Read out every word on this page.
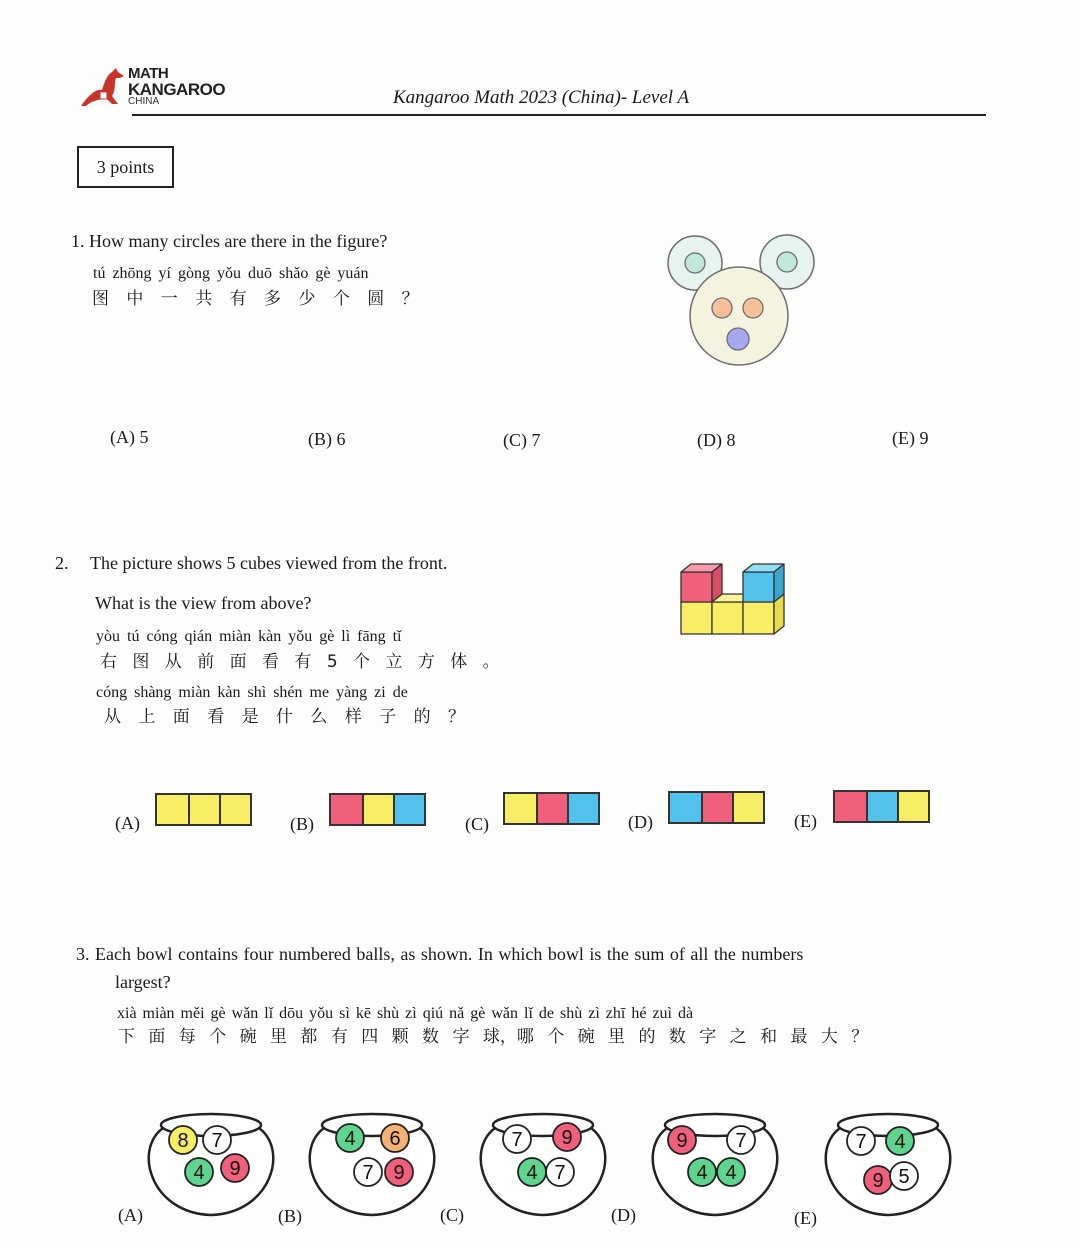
MATH
KANGAROO
CHINA	Kangaroo Math 2023 (China)- Level A
3 points
1. How many circles are there in the figure?
tú zhōng yí gòng yǒu duō shǎo gè yuán
图 中 一 共 有 多 少 个 圆 ？
(A) 5	(B) 6	(C) 7	(D) 8	(E) 9
2. The picture shows 5 cubes viewed from the front.
What is the view from above?
yòu tú cóng qián miàn kàn yǒu gè lì fāng tǐ
右 图 从 前 面 看 有 5 个 立 方 体 。
cóng shàng miàn kàn shì shén me yàng zi de
从 上 面 看 是 什 么 样 子 的 ？
(A)	(B)	(C)	(D)	(E)
3. Each bowl contains four numbered balls, as shown. In which bowl is the sum of all the numbers
largest?
xià miàn měi gè wǎn lǐ dōu yǒu sì kē shù zì qiú nǎ gè wǎn lǐ de shù zì zhī hé zuì dà
下 面 每 个 碗 里 都 有 四 颗 数 字 球，哪 个 碗 里 的 数 字 之 和 最 大 ？
8 7
4 9
(A)
4 6
7 9
(B)
7 9
4 7
(C)
9 7
4 4
(D)
7 4
9 5
(E)
